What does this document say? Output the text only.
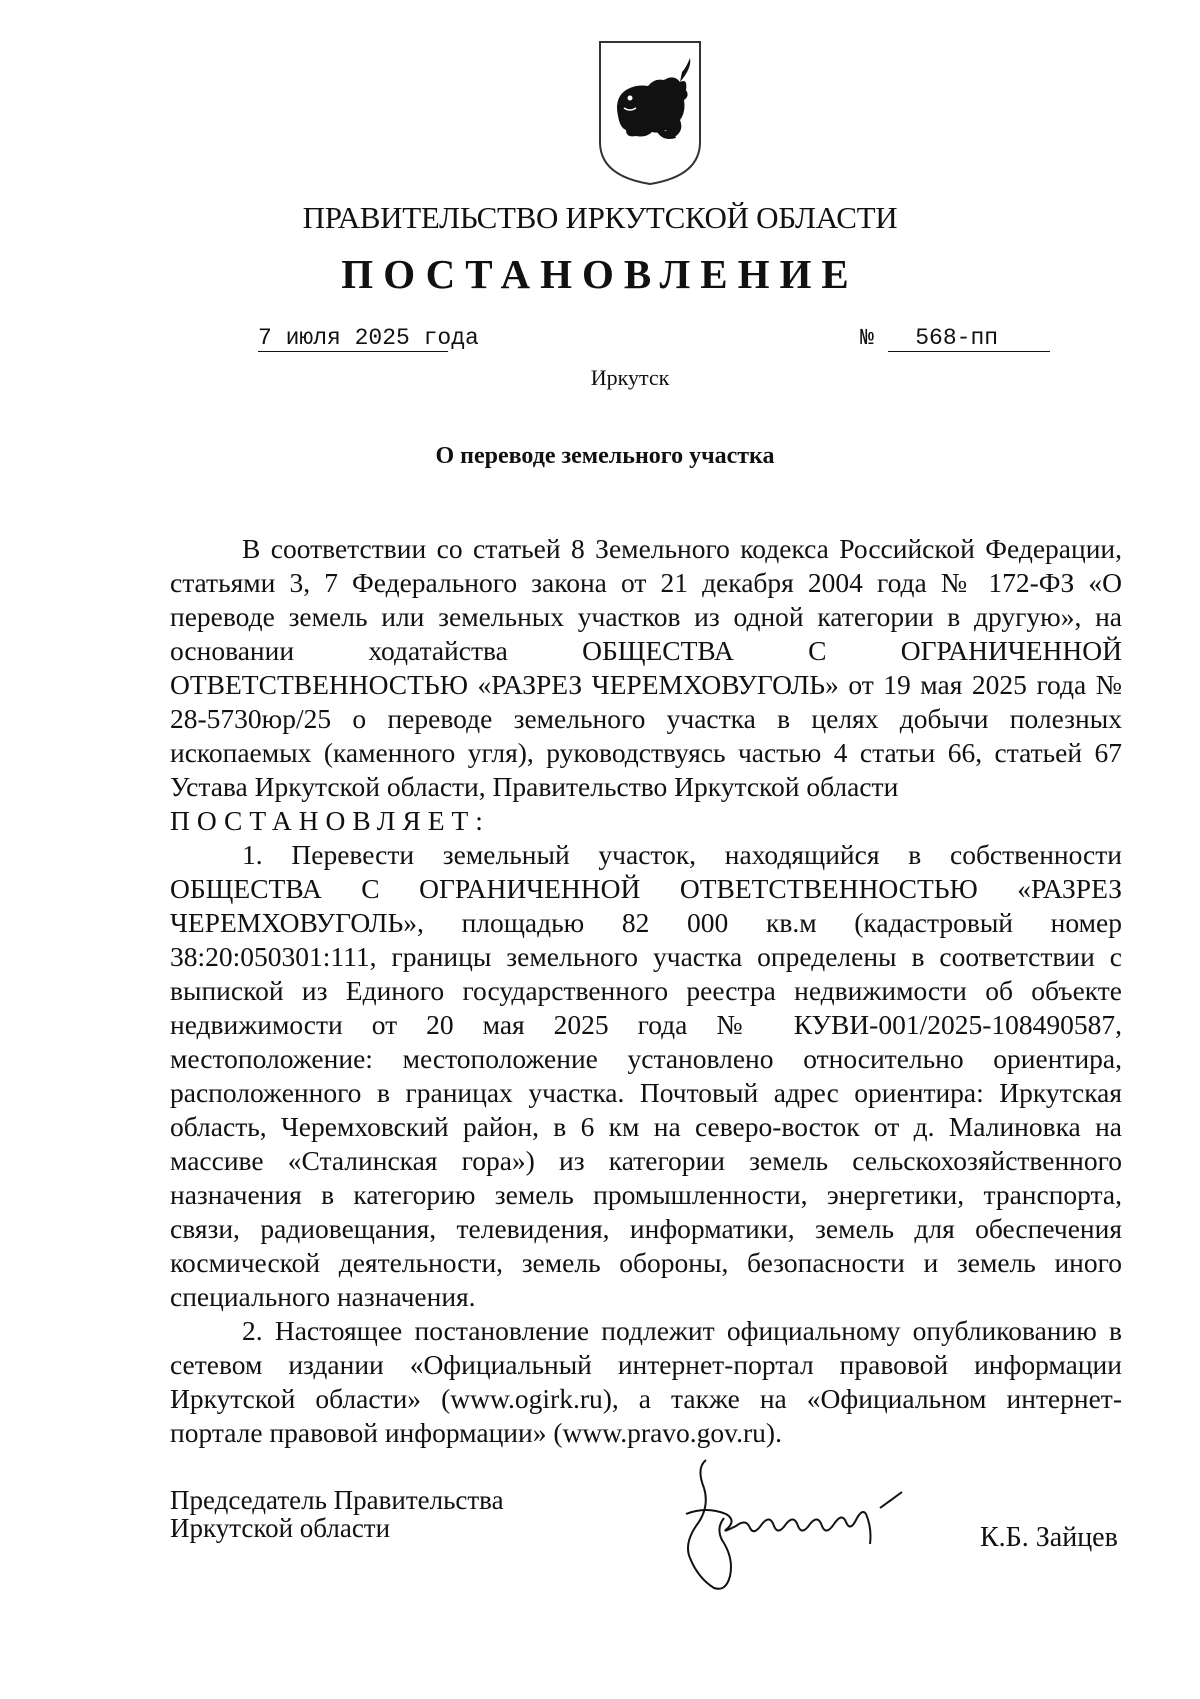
ПРАВИТЕЛЬСТВО ИРКУТСКОЙ ОБЛАСТИ
ПОСТАНОВЛЕНИЕ
7 июля 2025 года	№ 568-пп
Иркутск
О переводе земельного участка

В соответствии со статьей 8 Земельного кодекса Российской Федерации, статьями 3, 7 Федерального закона от 21 декабря 2004 года № 172-ФЗ «О переводе земель или земельных участков из одной категории в другую», на основании ходатайства ОБЩЕСТВА С ОГРАНИЧЕННОЙ ОТВЕТСТВЕННОСТЬЮ «РАЗРЕЗ ЧЕРЕМХОВУГОЛЬ» от 19 мая 2025 года № 28-5730юр/25 о переводе земельного участка в целях добычи полезных ископаемых (каменного угля), руководствуясь частью 4 статьи 66, статьей 67 Устава Иркутской области, Правительство Иркутской области

ПОСТАНОВЛЯЕТ:

1. Перевести земельный участок, находящийся в собственности ОБЩЕСТВА С ОГРАНИЧЕННОЙ ОТВЕТСТВЕННОСТЬЮ «РАЗРЕЗ ЧЕРЕМХОВУГОЛЬ», площадью 82 000 кв.м (кадастровый номер 38:20:050301:111, границы земельного участка определены в соответствии с выпиской из Единого государственного реестра недвижимости об объекте недвижимости от 20 мая 2025 года № КУВИ-001/2025-108490587, местоположение: местоположение установлено относительно ориентира, расположенного в границах участка. Почтовый адрес ориентира: Иркутская область, Черемховский район, в 6 км на северо-восток от д. Малиновка на массиве «Сталинская гора») из категории земель сельскохозяйственного назначения в категорию земель промышленности, энергетики, транспорта, связи, радиовещания, телевидения, информатики, земель для обеспечения космической деятельности, земель обороны, безопасности и земель иного специального назначения.

2. Настоящее постановление подлежит официальному опубликованию в сетевом издании «Официальный интернет-портал правовой информации Иркутской области» (www.ogirk.ru), а также на «Официальном интернет-портале правовой информации» (www.pravo.gov.ru).

Председатель Правительства
Иркутской области	К.Б. Зайцев
